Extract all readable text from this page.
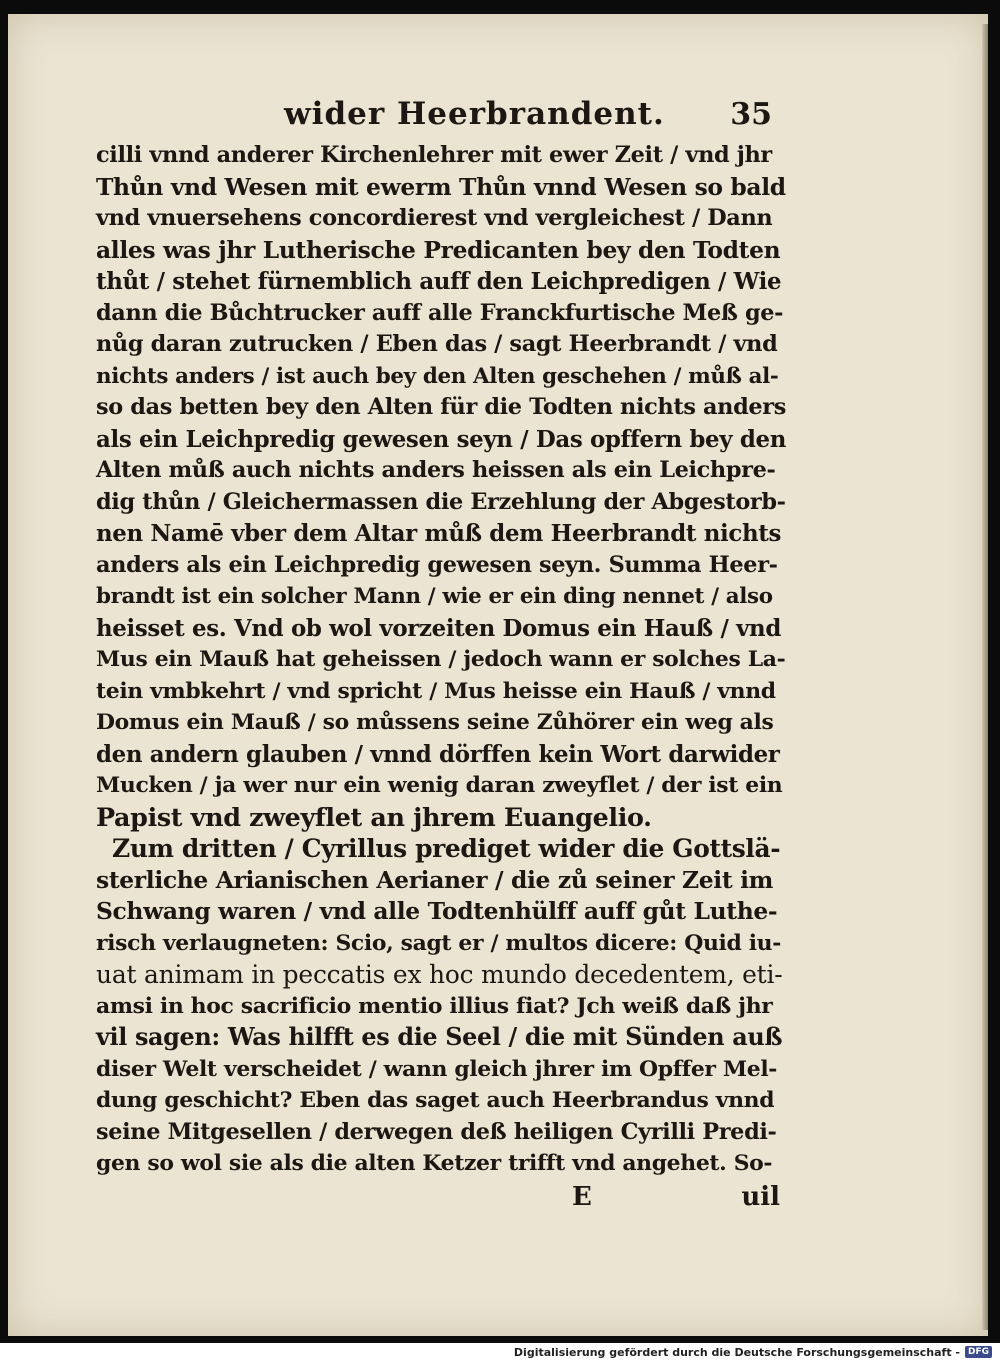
wider Heerbrandent. 35
cilli vnnd anderer Kirchenlehrer mit ewer Zeit / vnd jhr
Thůn vnd Wesen mit ewerm Thůn vnnd Wesen so bald
vnd vnuersehens concordierest vnd vergleichest / Dann
alles was jhr Lutherische Predicanten bey den Todten
thůt / stehet fürnemblich auff den Leichpredigen / Wie
dann die Bůchtrucker auff alle Franckfurtische Meß ge-
nůg daran zutrucken / Eben das / sagt Heerbrandt / vnd
nichts anders / ist auch bey den Alten geschehen / můß al-
so das betten bey den Alten für die Todten nichts anders
als ein Leichpredig gewesen seyn / Das opffern bey den
Alten můß auch nichts anders heissen als ein Leichpre-
dig thůn / Gleichermassen die Erzehlung der Abgestorb-
nen Namē vber dem Altar můß dem Heerbrandt nichts
anders als ein Leichpredig gewesen seyn. Summa Heer-
brandt ist ein solcher Mann / wie er ein ding nennet / also
heisset es. Vnd ob wol vorzeiten Domus ein Hauß / vnd
Mus ein Mauß hat geheissen / jedoch wann er solches La-
tein vmbkehrt / vnd spricht / Mus heisse ein Hauß / vnnd
Domus ein Mauß / so můssens seine Zůhörer ein weg als
den andern glauben / vnnd dörffen kein Wort darwider
Mucken / ja wer nur ein wenig daran zweyflet / der ist ein
Papist vnd zweyflet an jhrem Euangelio.
Zum dritten / Cyrillus prediget wider die Gottslä-
sterliche Arianischen Aerianer / die zů seiner Zeit im
Schwang waren / vnd alle Todtenhülff auff gůt Luthe-
risch verlaugneten: Scio, sagt er / multos dicere: Quid iu-
uat animam in peccatis ex hoc mundo decedentem, eti-
amsi in hoc sacrificio mentio illius fiat? Jch weiß daß jhr
vil sagen: Was hilfft es die Seel / die mit Sünden auß
diser Welt verscheidet / wann gleich jhrer im Opffer Mel-
dung geschicht? Eben das saget auch Heerbrandus vnnd
seine Mitgesellen / derwegen deß heiligen Cyrilli Predi-
gen so wol sie als die alten Ketzer trifft vnd angehet. So-
E	uil
Digitalisierung gefördert durch die Deutsche Forschungsgemeinschaft - DFG
